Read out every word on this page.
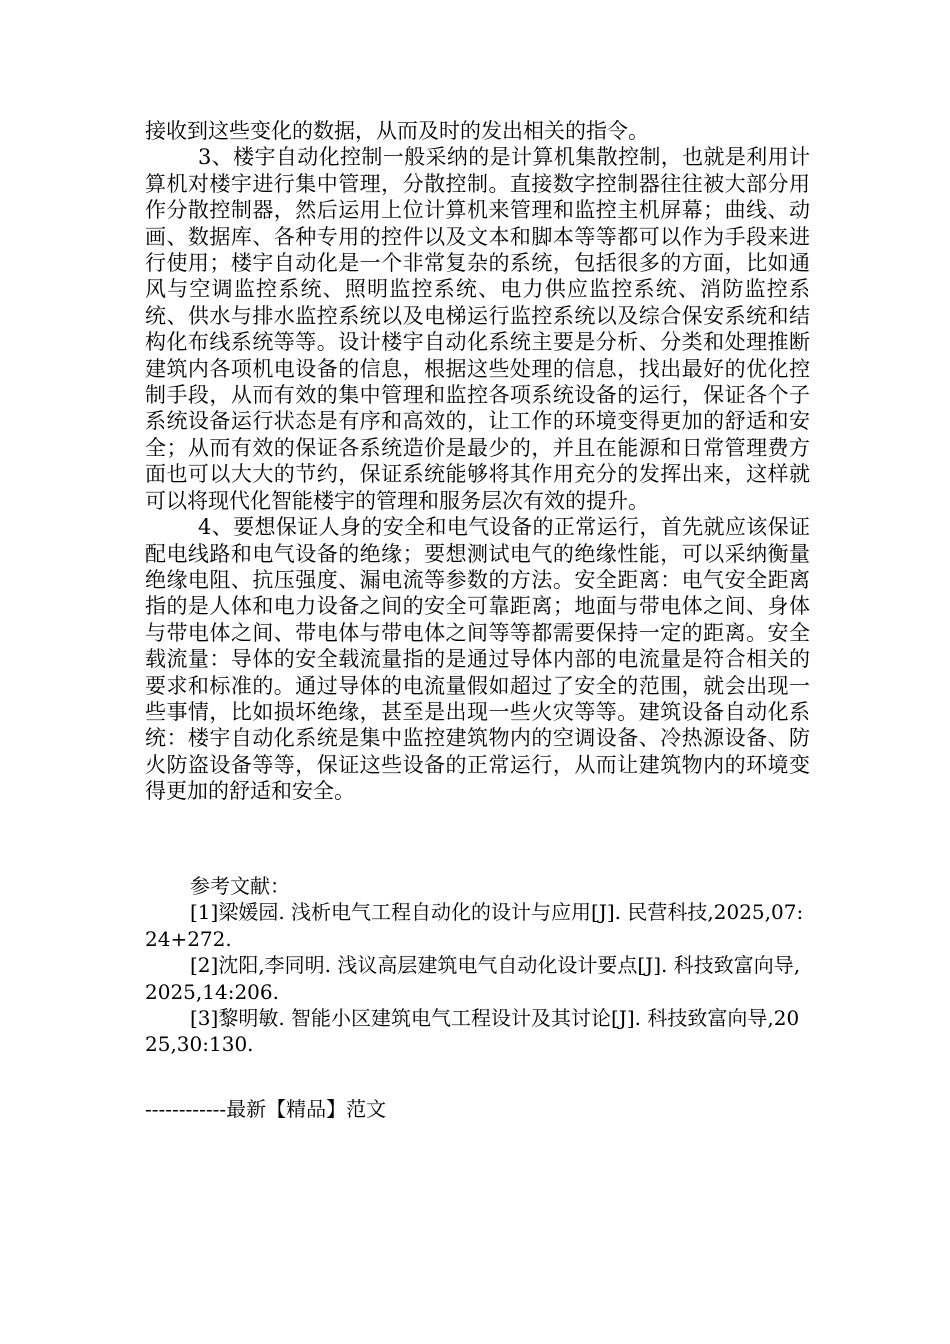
接收到这些变化的数据，从而及时的发出相关的指令。

3、楼宇自动化控制一般采纳的是计算机集散控制，也就是利用计算机对楼宇进行集中管理，分散控制。直接数字控制器往往被大部分用作分散控制器，然后运用上位计算机来管理和监控主机屏幕；曲线、动画、数据库、各种专用的控件以及文本和脚本等等都可以作为手段来进行使用；楼宇自动化是一个非常复杂的系统，包括很多的方面，比如通风与空调监控系统、照明监控系统、电力供应监控系统、消防监控系统、供水与排水监控系统以及电梯运行监控系统以及综合保安系统和结构化布线系统等等。设计楼宇自动化系统主要是分析、分类和处理推断建筑内各项机电设备的信息，根据这些处理的信息，找出最好的优化控制手段，从而有效的集中管理和监控各项系统设备的运行，保证各个子系统设备运行状态是有序和高效的，让工作的环境变得更加的舒适和安全；从而有效的保证各系统造价是最少的，并且在能源和日常管理费方面也可以大大的节约，保证系统能够将其作用充分的发挥出来，这样就可以将现代化智能楼宇的管理和服务层次有效的提升。

4、要想保证人身的安全和电气设备的正常运行，首先就应该保证配电线路和电气设备的绝缘；要想测试电气的绝缘性能，可以采纳衡量绝缘电阻、抗压强度、漏电流等参数的方法。安全距离：电气安全距离指的是人体和电力设备之间的安全可靠距离；地面与带电体之间、身体与带电体之间、带电体与带电体之间等等都需要保持一定的距离。安全载流量：导体的安全载流量指的是通过导体内部的电流量是符合相关的要求和标准的。通过导体的电流量假如超过了安全的范围，就会出现一些事情，比如损坏绝缘，甚至是出现一些火灾等等。建筑设备自动化系统：楼宇自动化系统是集中监控建筑物内的空调设备、冷热源设备、防火防盗设备等等，保证这些设备的正常运行，从而让建筑物内的环境变得更加的舒适和安全。

参考文献：

[1]梁媛园. 浅析电气工程自动化的设计与应用[J]. 民营科技,2025,07:24+272.

[2]沈阳,李同明. 浅议高层建筑电气自动化设计要点[J]. 科技致富向导,2025,14:206.

[3]黎明敏. 智能小区建筑电气工程设计及其讨论[J]. 科技致富向导,2025,30:130.

------------最新【精品】范文
